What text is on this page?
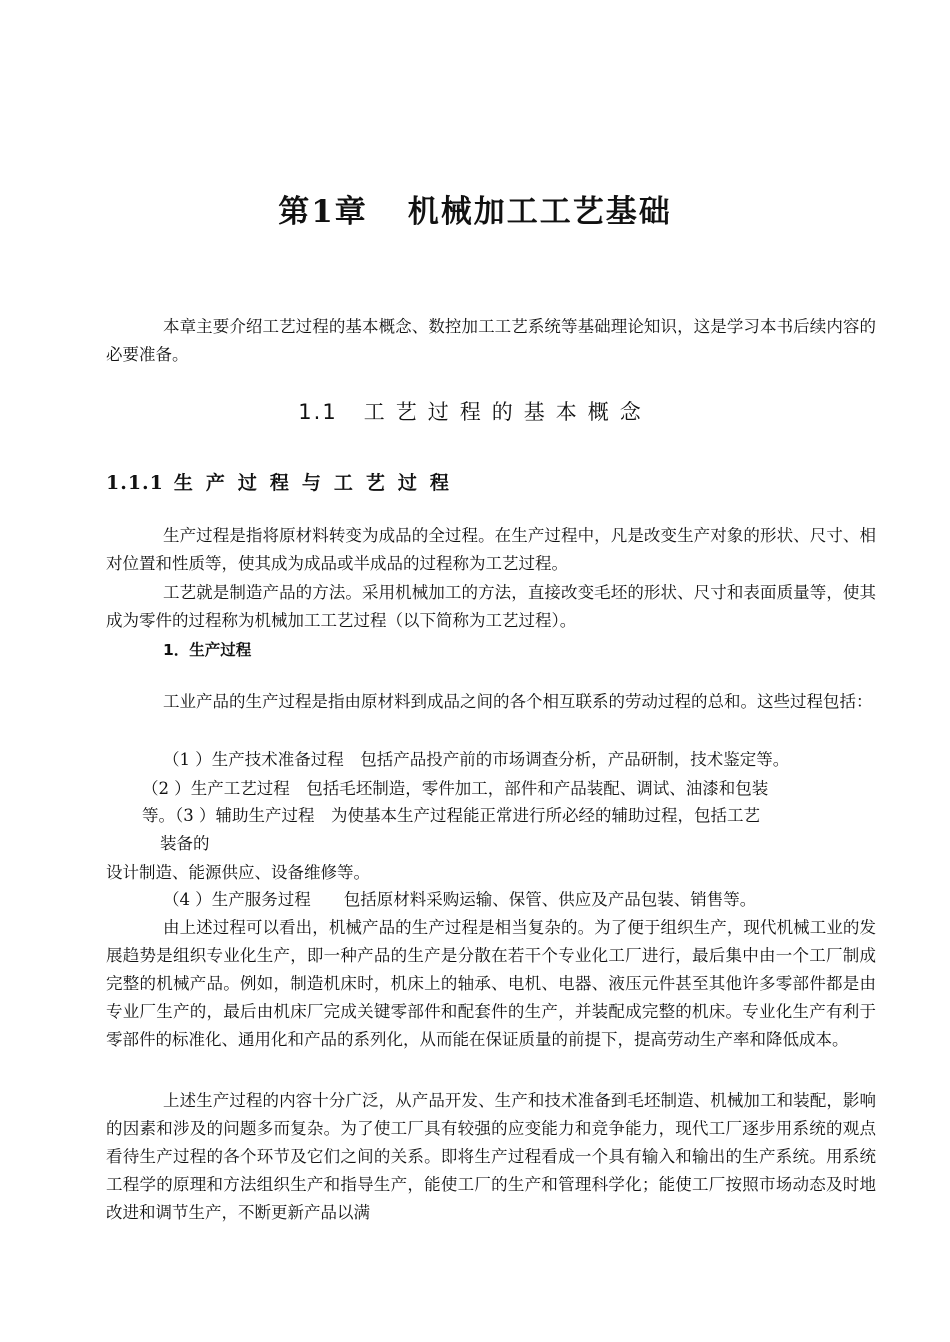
第1章 机械加工工艺基础

本章主要介绍工艺过程的基本概念、数控加工工艺系统等基础理论知识，这是学习本书后续内容的必要准备。

1.1 工艺过程的基本概念
1.1.1 生产过程与工艺过程

生产过程是指将原材料转变为成品的全过程。在生产过程中，凡是改变生产对象的形状、尺寸、相对位置和性质等，使其成为成品或半成品的过程称为工艺过程。

工艺就是制造产品的方法。采用机械加工的方法，直接改变毛坯的形状、尺寸和表面质量等，使其成为零件的过程称为机械加工工艺过程（以下简称为工艺过程）。

1．生产过程

工业产品的生产过程是指由原材料到成品之间的各个相互联系的劳动过程的总和。这些过程包括：

（1 ）生产技术准备过程　包括产品投产前的市场调查分析，产品研制，技术鉴定等。

（2 ）生产工艺过程　包括毛坯制造，零件加工，部件和产品装配、调试、油漆和包装

等。（3 ）辅助生产过程　为使基本生产过程能正常进行所必经的辅助过程，包括工艺

装备的

设计制造、能源供应、设备维修等。

（4 ）生产服务过程　　包括原材料采购运输、保管、供应及产品包装、销售等。

由上述过程可以看出，机械产品的生产过程是相当复杂的。为了便于组织生产，现代机械工业的发展趋势是组织专业化生产，即一种产品的生产是分散在若干个专业化工厂进行，最后集中由一个工厂制成完整的机械产品。例如，制造机床时，机床上的轴承、电机、电器、液压元件甚至其他许多零部件都是由专业厂生产的，最后由机床厂完成关键零部件和配套件的生产，并装配成完整的机床。专业化生产有利于零部件的标准化、通用化和产品的系列化，从而能在保证质量的前提下，提高劳动生产率和降低成本。

上述生产过程的内容十分广泛，从产品开发、生产和技术准备到毛坯制造、机械加工和装配，影响的因素和涉及的问题多而复杂。为了使工厂具有较强的应变能力和竞争能力，现代工厂逐步用系统的观点看待生产过程的各个环节及它们之间的关系。即将生产过程看成一个具有输入和输出的生产系统。用系统工程学的原理和方法组织生产和指导生产，能使工厂的生产和管理科学化；能使工厂按照市场动态及时地改进和调节生产，不断更新产品以满
